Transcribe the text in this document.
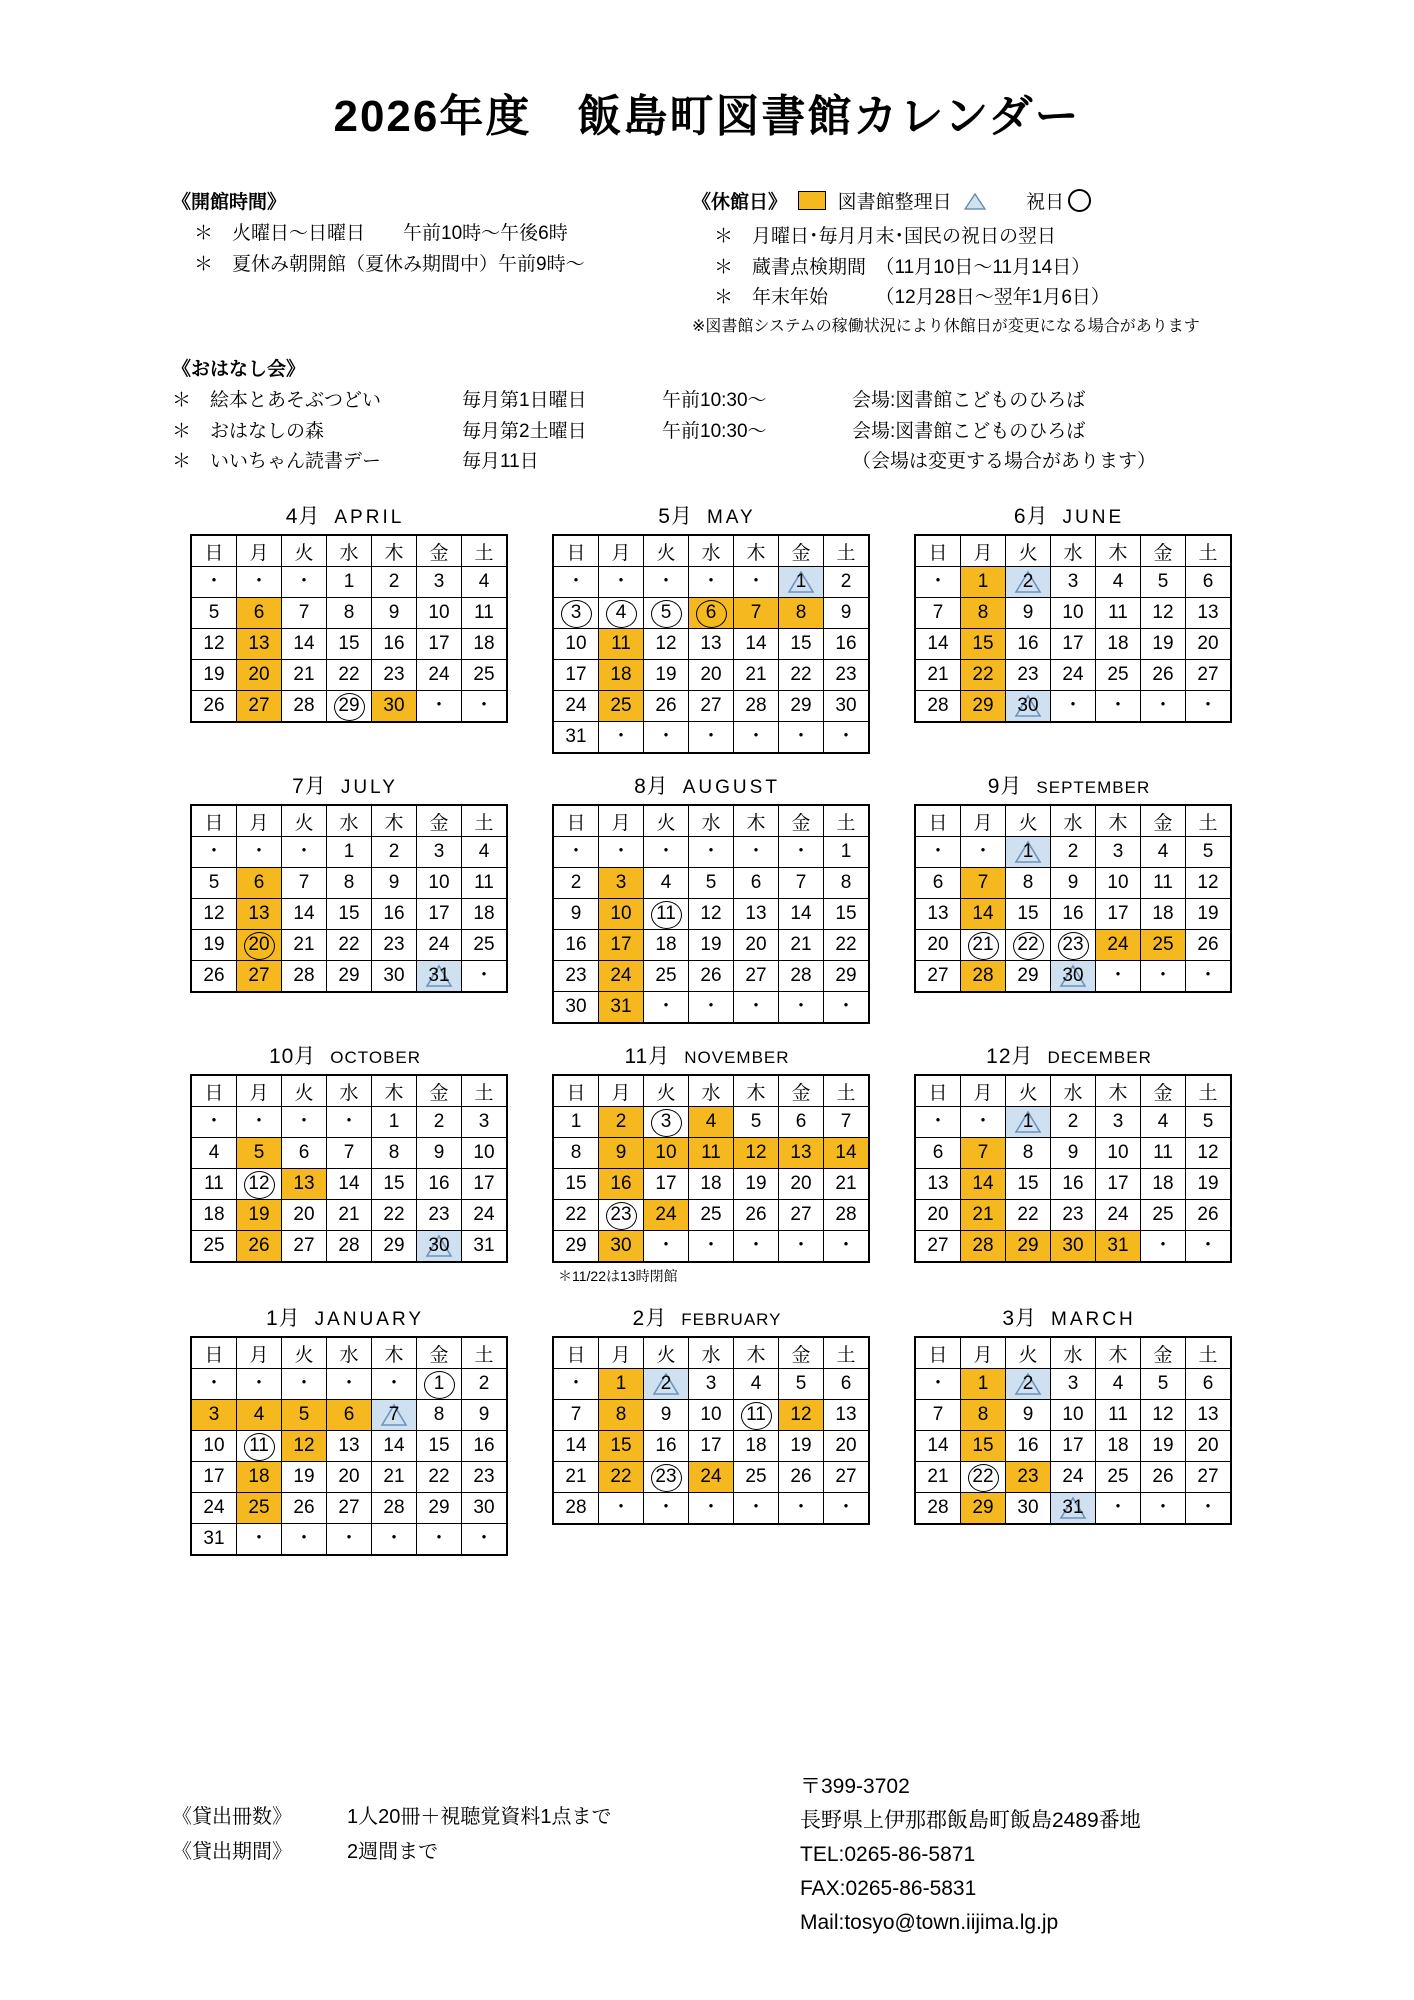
2026年度　飯島町図書館カレンダー
《開館時間》
＊　火曜日〜日曜日　　午前10時〜午後6時
＊　夏休み朝開館（夏休み期間中）午前9時〜
《休館日》	図書館整理日	祝日
＊　月曜日･毎月月末･国民の祝日の翌日
＊　蔵書点検期間　（11月10日〜11月14日）
＊　年末年始　　　（12月28日〜翌年1月6日）
※図書館システムの稼働状況により休館日が変更になる場合があります
《おはなし会》
＊　絵本とあそぶつどい	毎月第1日曜日	午前10:30〜	会場:図書館こどものひろば
＊　おはなしの森	毎月第2土曜日	午前10:30〜	会場:図書館こどものひろば
＊　いいちゃん読書デー	毎月11日	（会場は変更する場合があります）
4月 APRIL
日	月	火	水	木	金	土
・	・	・	1	2	3	4
5	6	7	8	9	10	11
12	13	14	15	16	17	18
19	20	21	22	23	24	25
26	27	28	29	30	・	・
5月 MAY
日	月	火	水	木	金	土
・	・	・	・	・	1	2
3	4	5	6	7	8	9
10	11	12	13	14	15	16
17	18	19	20	21	22	23
24	25	26	27	28	29	30
31	・	・	・	・	・	・
6月 JUNE
日	月	火	水	木	金	土
・	1	2	3	4	5	6
7	8	9	10	11	12	13
14	15	16	17	18	19	20
21	22	23	24	25	26	27
28	29	30	・	・	・	・
7月 JULY
日	月	火	水	木	金	土
・	・	・	1	2	3	4
5	6	7	8	9	10	11
12	13	14	15	16	17	18
19	20	21	22	23	24	25
26	27	28	29	30	31	・
8月 AUGUST
日	月	火	水	木	金	土
・	・	・	・	・	・	1
2	3	4	5	6	7	8
9	10	11	12	13	14	15
16	17	18	19	20	21	22
23	24	25	26	27	28	29
30	31	・	・	・	・	・
9月 SEPTEMBER
日	月	火	水	木	金	土
・	・	1	2	3	4	5
6	7	8	9	10	11	12
13	14	15	16	17	18	19
20	21	22	23	24	25	26
27	28	29	30	・	・	・
10月 OCTOBER
日	月	火	水	木	金	土
・	・	・	・	1	2	3
4	5	6	7	8	9	10
11	12	13	14	15	16	17
18	19	20	21	22	23	24
25	26	27	28	29	30	31
11月 NOVEMBER
日	月	火	水	木	金	土
1	2	3	4	5	6	7
8	9	10	11	12	13	14
15	16	17	18	19	20	21
22	23	24	25	26	27	28
29	30	・	・	・	・	・
＊11/22は13時閉館
12月 DECEMBER
日	月	火	水	木	金	土
・	・	1	2	3	4	5
6	7	8	9	10	11	12
13	14	15	16	17	18	19
20	21	22	23	24	25	26
27	28	29	30	31	・	・
1月 JANUARY
日	月	火	水	木	金	土
・	・	・	・	・	1	2
3	4	5	6	7	8	9
10	11	12	13	14	15	16
17	18	19	20	21	22	23
24	25	26	27	28	29	30
31	・	・	・	・	・	・
2月 FEBRUARY
日	月	火	水	木	金	土
・	1	2	3	4	5	6
7	8	9	10	11	12	13
14	15	16	17	18	19	20
21	22	23	24	25	26	27
28	・	・	・	・	・	・
3月 MARCH
日	月	火	水	木	金	土
・	1	2	3	4	5	6
7	8	9	10	11	12	13
14	15	16	17	18	19	20
21	22	23	24	25	26	27
28	29	30	31	・	・	・
《貸出冊数》	1人20冊＋視聴覚資料1点まで
《貸出期間》	2週間まで
〒399-3702
長野県上伊那郡飯島町飯島2489番地
TEL:0265-86-5871
FAX:0265-86-5831
Mail:tosyo@town.iijima.lg.jp
